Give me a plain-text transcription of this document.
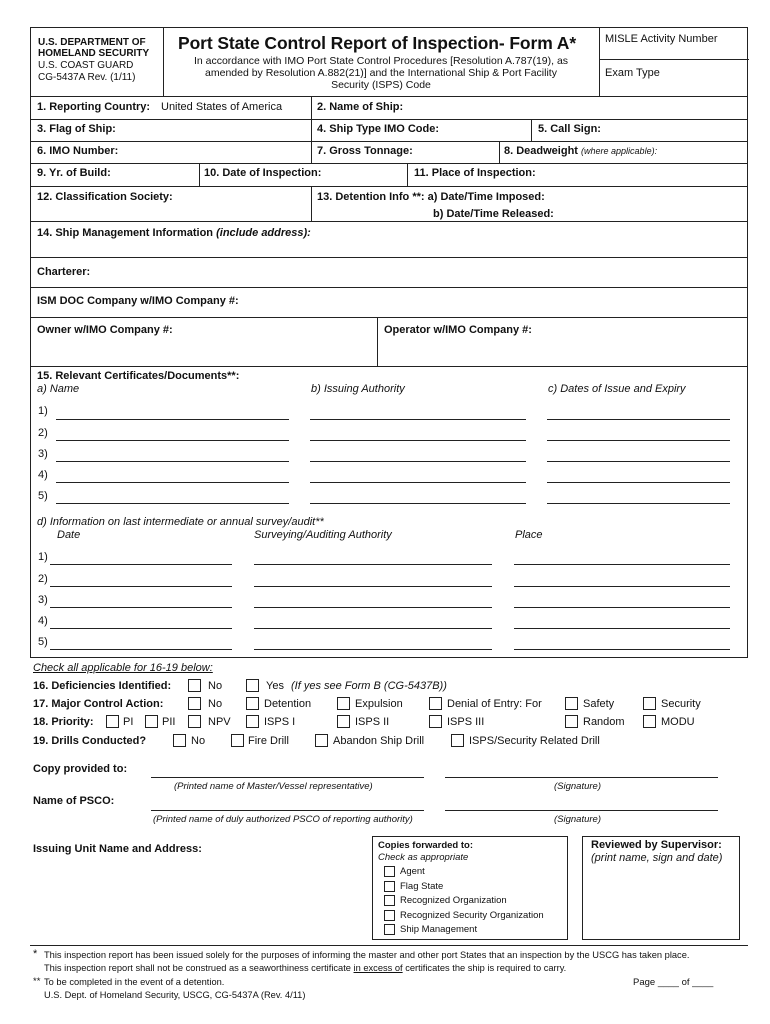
U.S. DEPARTMENT OF
HOMELAND SECURITY
U.S. COAST GUARD
CG-5437A Rev. (1/11)
Port State Control Report of Inspection- Form A*
In accordance with IMO Port State Control Procedures [Resolution A.787(19), as
amended by Resolution A.882(21)] and the International Ship & Port Facility
Security (ISPS) Code
MISLE Activity Number
Exam Type
1. Reporting Country: United States of America	2. Name of Ship:
3. Flag of Ship:	4. Ship Type IMO Code:	5. Call Sign:
6. IMO Number:	7. Gross Tonnage:	8. Deadweight (where applicable):
9. Yr. of Build:	10. Date of Inspection:	11. Place of Inspection:
12. Classification Society:	13. Detention Info **: a) Date/Time Imposed:
b) Date/Time Released:
14. Ship Management Information (include address):
Charterer:
ISM DOC Company w/IMO Company #:
Owner w/IMO Company #:	Operator w/IMO Company #:
15. Relevant Certificates/Documents**:
a) Name	b) Issuing Authority	c) Dates of Issue and Expiry
1)
2)
3)
4)
5)
d) Information on last intermediate or annual survey/audit**
Date	Surveying/Auditing Authority	Place
1)
2)
3)
4)
5)
Check all applicable for 16-19 below:
16. Deficiencies Identified:	No	Yes (If yes see Form B (CG-5437B))
17. Major Control Action:	No	Detention	Expulsion	Denial of Entry: For	Safety	Security
18. Priority:	PI	PII	NPV	ISPS I	ISPS II	ISPS III	Random	MODU
19. Drills Conducted?	No	Fire Drill	Abandon Ship Drill	ISPS/Security Related Drill
Copy provided to:
(Printed name of Master/Vessel representative)	(Signature)
Name of PSCO:
(Printed name of duly authorized PSCO of reporting authority)	(Signature)
Issuing Unit Name and Address:	Copies forwarded to:
Check as appropriate
Agent
Flag State
Recognized Organization
Recognized Security Organization
Ship Management
Reviewed by Supervisor:
(print name, sign and date)
* This inspection report has been issued solely for the purposes of informing the master and other port States that an inspection by the USCG has taken place.
This inspection report shall not be construed as a seaworthiness certificate in excess of certificates the ship is required to carry.
** To be completed in the event of a detention.	Page ____ of ____
U.S. Dept. of Homeland Security, USCG, CG-5437A (Rev. 4/11)
